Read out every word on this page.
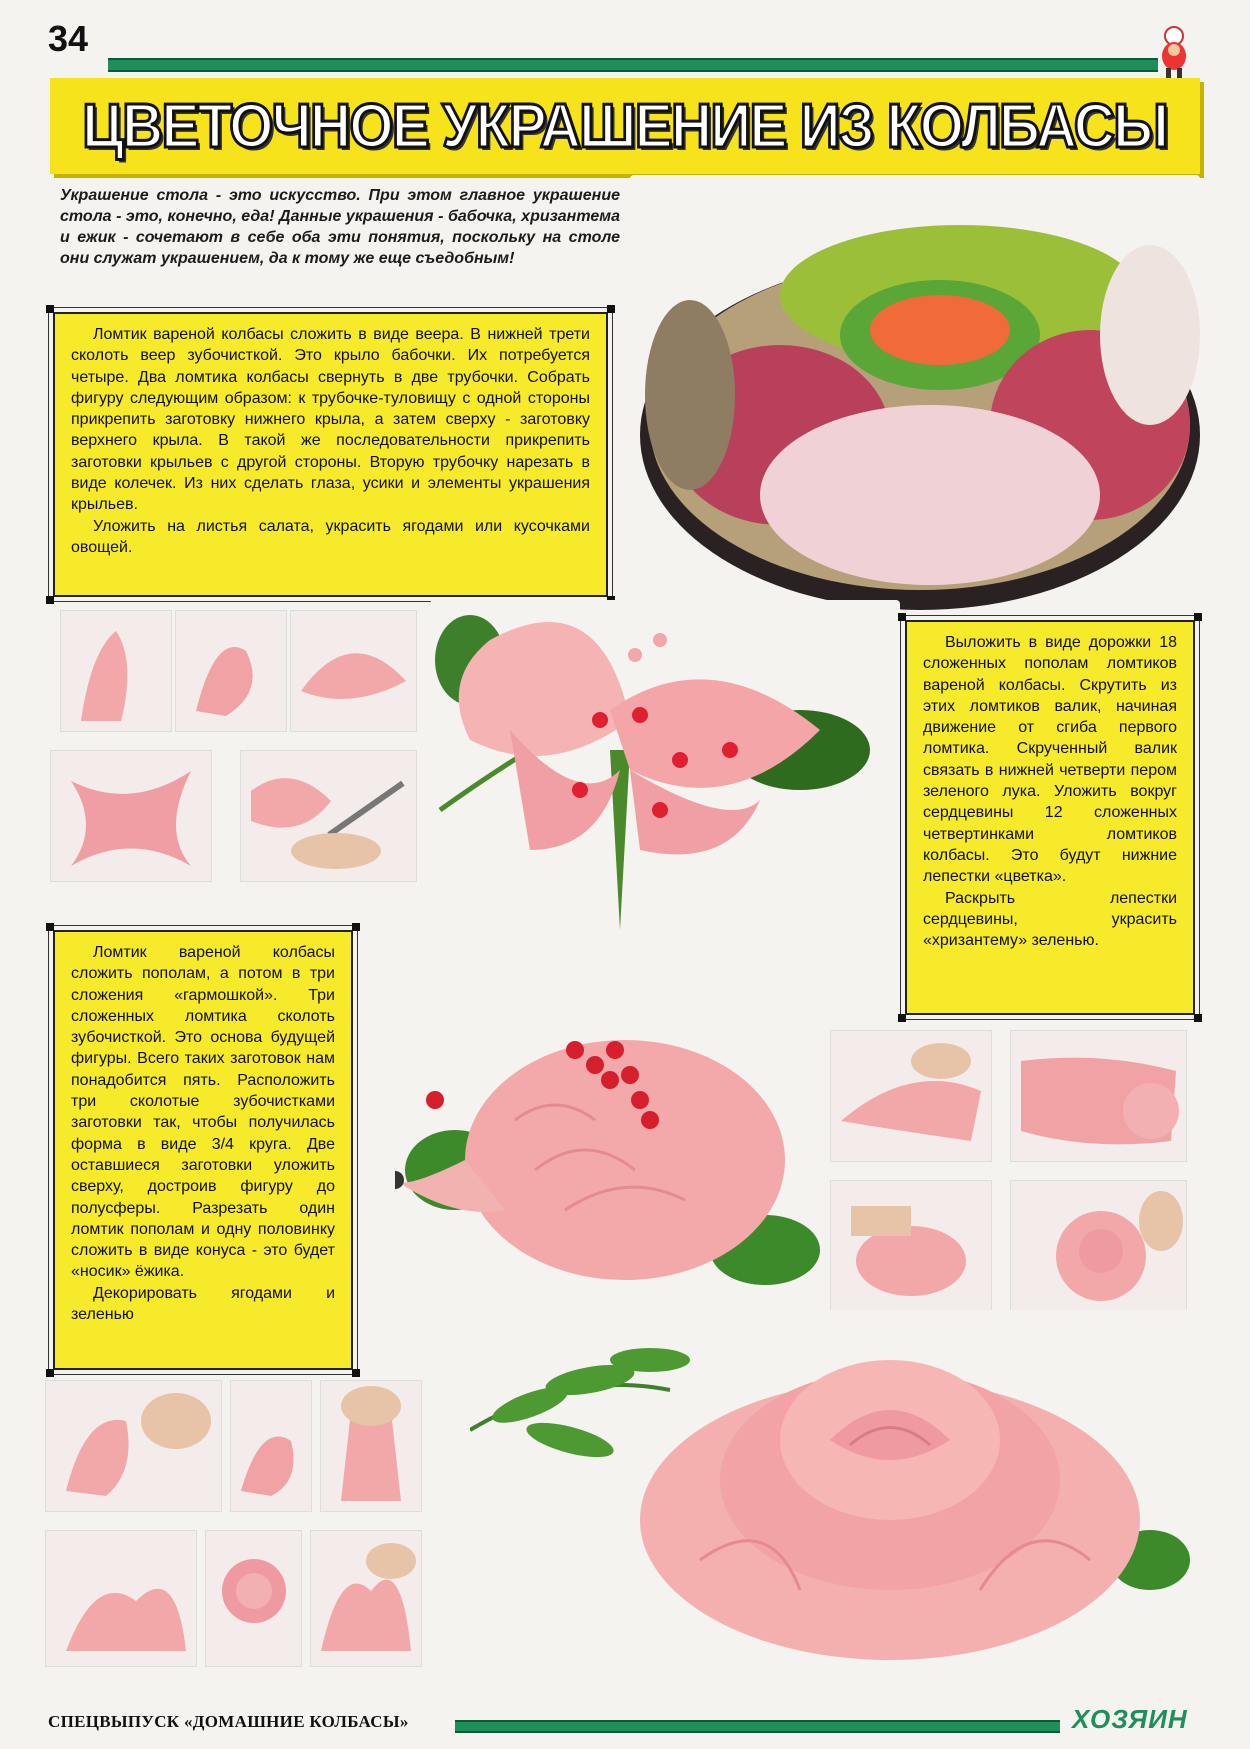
34
ЦВЕТОЧНОЕ УКРАШЕНИЕ ИЗ КОЛБАСЫ
Украшение стола - это искусство. При этом главное украшение стола - это, конечно, еда! Данные украшения - бабочка, хризантема и ежик - сочетают в себе оба эти понятия, поскольку на столе они служат украшением, да к тому же еще съедобным!

Ломтик вареной колбасы сложить в виде веера. В нижней трети сколоть веер зубочисткой. Это крыло бабочки. Их потребуется четыре. Два ломтика колбасы свернуть в две трубочки. Собрать фигуру следующим образом: к трубочке-туловищу с одной стороны прикрепить заготовку нижнего крыла, а затем сверху - заготовку верхнего крыла. В такой же последовательности прикрепить заготовки крыльев с другой стороны. Вторую трубочку нарезать в виде колечек. Из них сделать глаза, усики и элементы украшения крыльев.

Уложить на листья салата, украсить ягодами или кусочками овощей.

Выложить в виде дорожки 18 сложенных пополам ломтиков вареной колбасы. Скрутить из этих ломтиков валик, начиная движение от сгиба первого ломтика. Скрученный валик связать в нижней четверти пером зеленого лука. Уложить вокруг сердцевины 12 сложенных четвертинками ломтиков колбасы. Это будут нижние лепестки «цветка».

Раскрыть лепестки сердцевины, украсить «хризантему» зеленью.

Ломтик вареной колбасы сложить пополам, а потом в три сложения «гармошкой». Три сложенных ломтика сколоть зубочисткой. Это основа будущей фигуры. Всего таких заготовок нам понадобится пять. Расположить три сколотые зубочистками заготовки так, чтобы получилась форма в виде 3/4 круга. Две оставшиеся заготовки уложить сверху, достроив фигуру до полусферы. Разрезать один ломтик пополам и одну половинку сложить в виде конуса - это будет «носик» ёжика.

Декорировать ягодами и зеленью

СПЕЦВЫПУСК «ДОМАШНИЕ КОЛБАСЫ»	ХОЗЯИН
